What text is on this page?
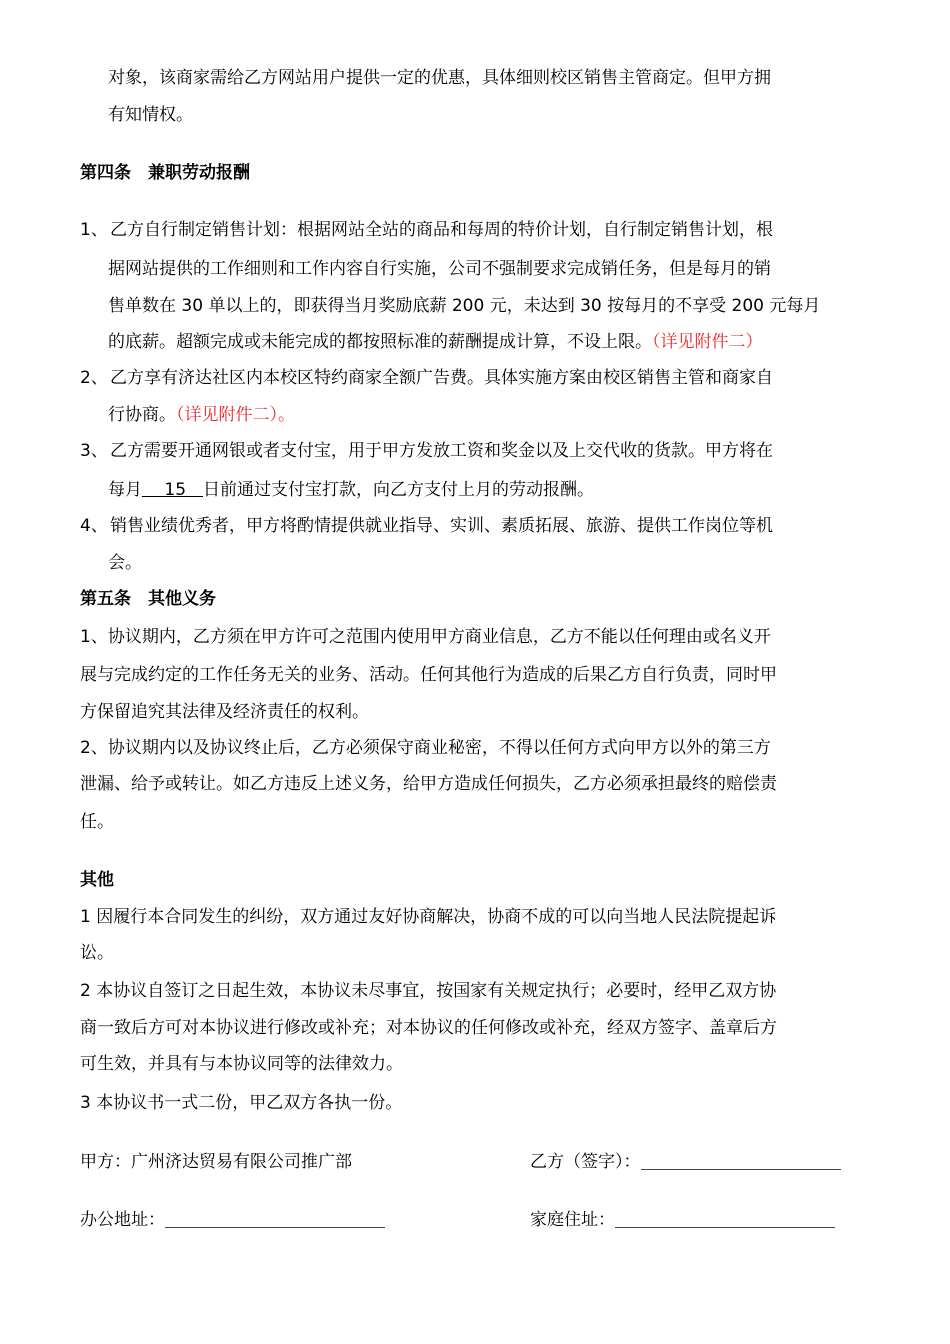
对象，该商家需给乙方网站用户提供一定的优惠，具体细则校区销售主管商定。但甲方拥
有知情权。
第四条　兼职劳动报酬
1、 乙方自行制定销售计划：根据网站全站的商品和每周的特价计划，自行制定销售计划，根
据网站提供的工作细则和工作内容自行实施，公司不强制要求完成销任务，但是每月的销
售单数在 30 单以上的，即获得当月奖励底薪 200 元，未达到 30 按每月的不享受 200 元每月
的底薪。超额完成或未能完成的都按照标准的薪酬提成计算，不设上限。（详见附件二）
2、 乙方享有济达社区内本校区特约商家全额广告费。具体实施方案由校区销售主管和商家自
行协商。（详见附件二）。
3、 乙方需要开通网银或者支付宝，用于甲方发放工资和奖金以及上交代收的货款。甲方将在
每月　 15　日前通过支付宝打款，向乙方支付上月的劳动报酬。
4、 销售业绩优秀者，甲方将酌情提供就业指导、实训、素质拓展、旅游、提供工作岗位等机
会。
第五条　其他义务
1、协议期内，乙方须在甲方许可之范围内使用甲方商业信息，乙方不能以任何理由或名义开
展与完成约定的工作任务无关的业务、活动。任何其他行为造成的后果乙方自行负责，同时甲
方保留追究其法律及经济责任的权利。
2、协议期内以及协议终止后，乙方必须保守商业秘密，不得以任何方式向甲方以外的第三方
泄漏、给予或转让。如乙方违反上述义务，给甲方造成任何损失，乙方必须承担最终的赔偿责
任。
其他
1 因履行本合同发生的纠纷，双方通过友好协商解决，协商不成的可以向当地人民法院提起诉
讼。
2 本协议自签订之日起生效，本协议未尽事宜，按国家有关规定执行；必要时，经甲乙双方协
商一致后方可对本协议进行修改或补充；对本协议的任何修改或补充，经双方签字、盖章后方
可生效，并具有与本协议同等的法律效力。
3 本协议书一式二份，甲乙双方各执一份。
甲方：广州济达贸易有限公司推广部	乙方（签字）：
办公地址：	家庭住址：
